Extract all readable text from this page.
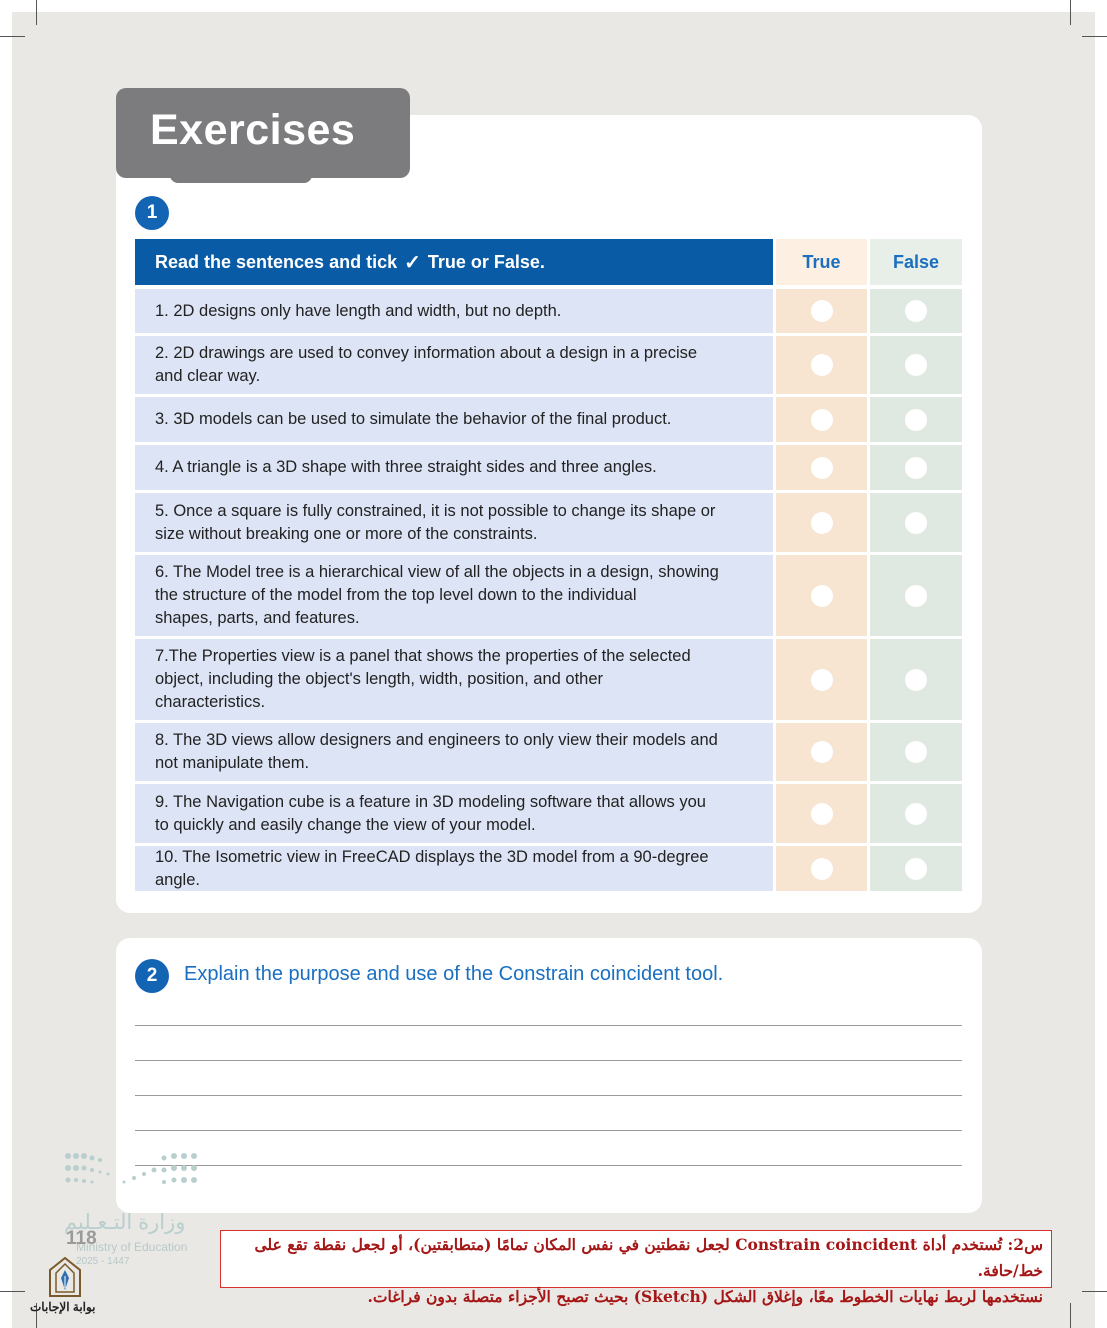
Exercises
1
Read the sentences and tick ✓ True or False.	True	False
1. 2D designs only have length and width, but no depth.
2. 2D drawings are used to convey information about a design in a precise
and clear way.
3. 3D models can be used to simulate the behavior of the final product.
4. A triangle is a 3D shape with three straight sides and three angles.
5. Once a square is fully constrained, it is not possible to change its shape or
size without breaking one or more of the constraints.
6. The Model tree is a hierarchical view of all the objects in a design, showing
the structure of the model from the top level down to the individual
shapes, parts, and features.
7.The Properties view is a panel that shows the properties of the selected
object, including the object's length, width, position, and other
characteristics.
8. The 3D views allow designers and engineers to only view their models and
not manipulate them.
9. The Navigation cube is a feature in 3D modeling software that allows you
to quickly and easily change the view of your model.
10. The Isometric view in FreeCAD displays the 3D model from a 90-degree angle.
2	Explain the purpose and use of the Constrain coincident tool.
وزارة التـعـليم
Ministry of Education
2025 - 1447
118
بوابة الإجابات
س2: تُستخدم أداة Constrain coincident لجعل نقطتين في نفس المكان تمامًا (متطابقتين)، أو لجعل نقطة تقع على خط/حافة.
نستخدمها لربط نهايات الخطوط معًا، وإغلاق الشكل (Sketch) بحيث تصبح الأجزاء متصلة بدون فراغات.
